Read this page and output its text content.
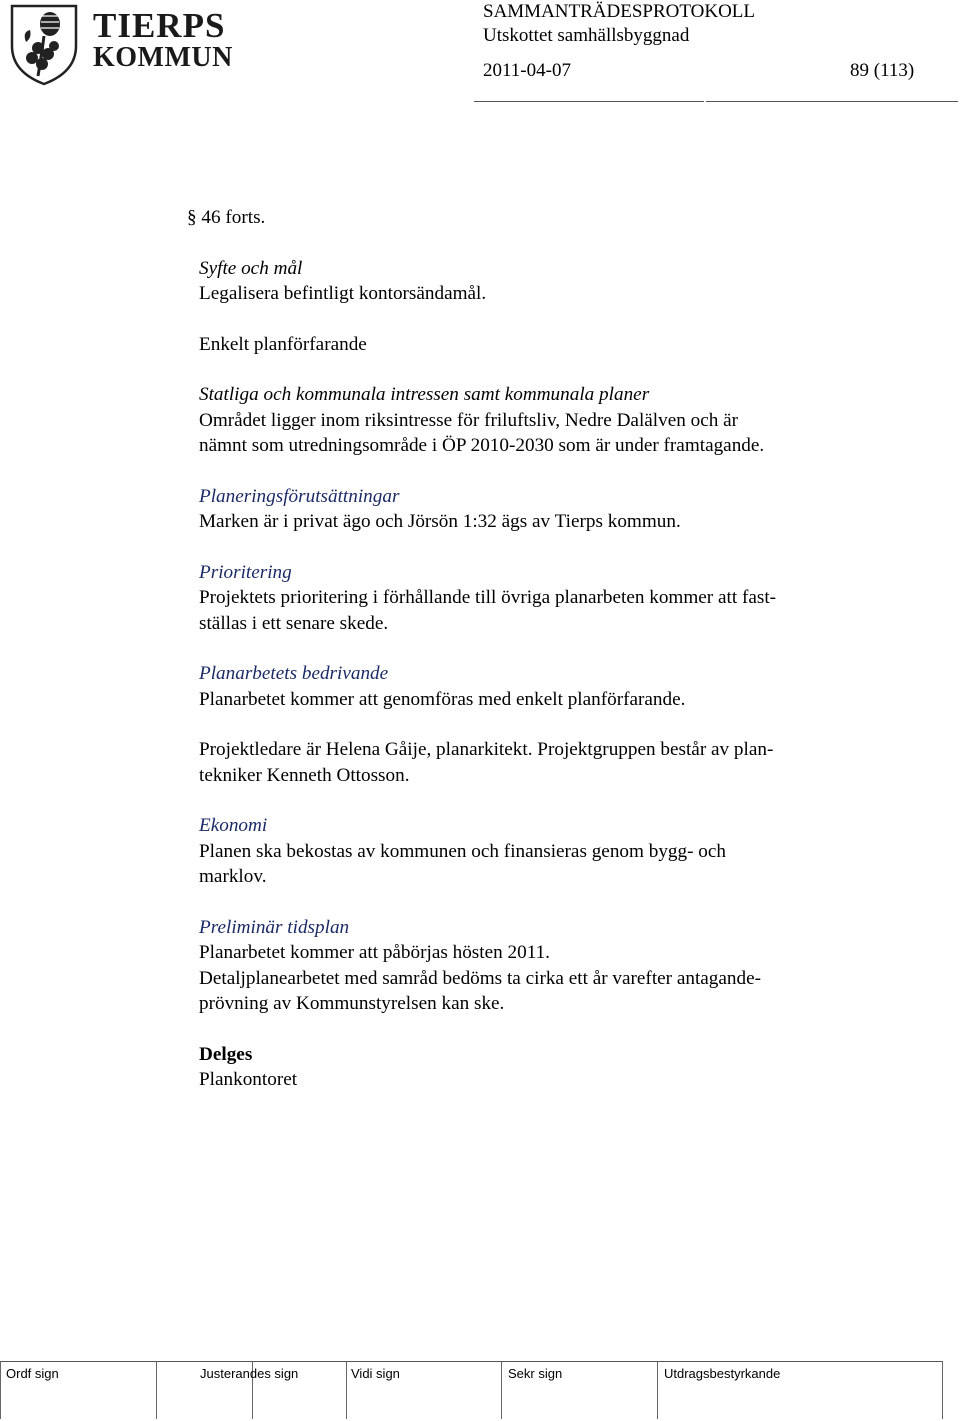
TIERPS
KOMMUN
SAMMANTRÄDESPROTOKOLL
Utskottet samhällsbyggnad
2011-04-07	89 (113)
§ 46 forts.
Syfte och mål
Legalisera befintligt kontorsändamål.
Enkelt planförfarande
Statliga och kommunala intressen samt kommunala planer
Området ligger inom riksintresse för friluftsliv, Nedre Dalälven och är
nämnt som utredningsområde i ÖP 2010-2030 som är under framtagande.
Planeringsförutsättningar
Marken är i privat ägo och Jörsön 1:32 ägs av Tierps kommun.
Prioritering
Projektets prioritering i förhållande till övriga planarbeten kommer att fast-
ställas i ett senare skede.
Planarbetets bedrivande
Planarbetet kommer att genomföras med enkelt planförfarande.
Projektledare är Helena Gåije, planarkitekt. Projektgruppen består av plan-
tekniker Kenneth Ottosson.
Ekonomi
Planen ska bekostas av kommunen och finansieras genom bygg- och
marklov.
Preliminär tidsplan
Planarbetet kommer att påbörjas hösten 2011.
Detaljplanearbetet med samråd bedöms ta cirka ett år varefter antagande-
prövning av Kommunstyrelsen kan ske.
Delges
Plankontoret
Ordf sign	Justerandes sign	Vidi sign	Sekr sign	Utdragsbestyrkande
